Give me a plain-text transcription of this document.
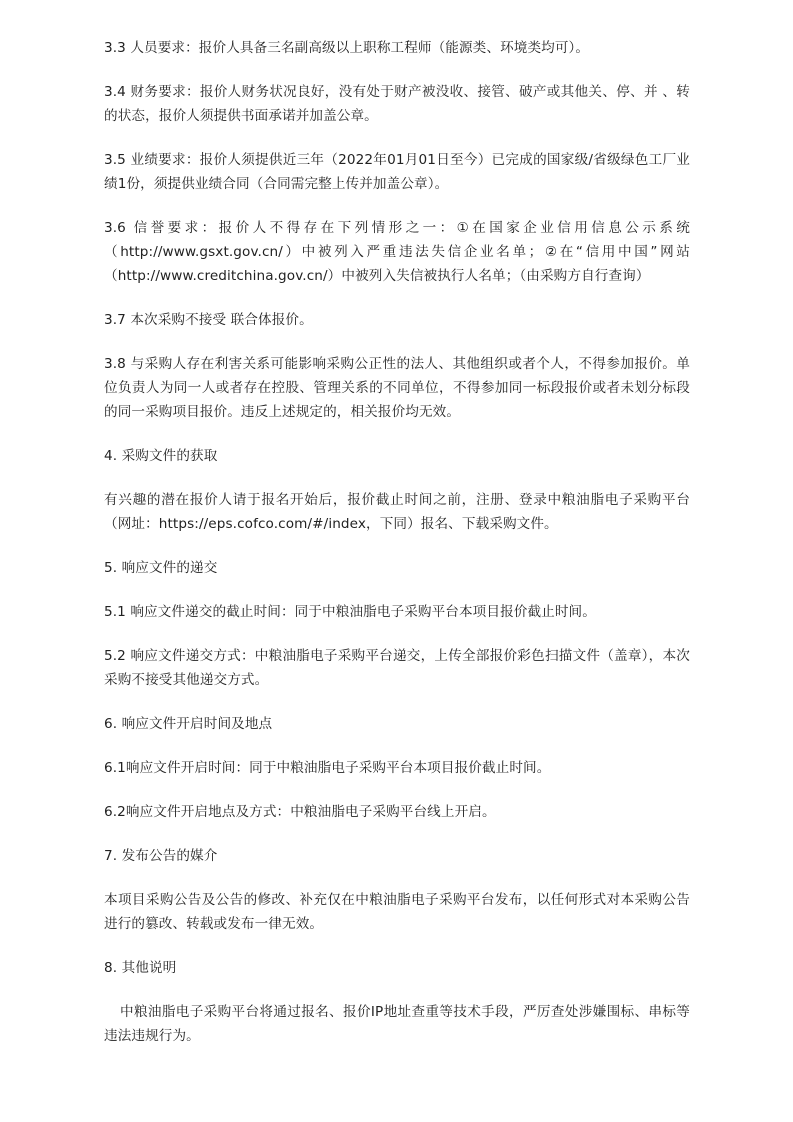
3.3 人员要求：报价人具备三名副高级以上职称工程师（能源类、环境类均可）。

3.4 财务要求：报价人财务状况良好，没有处于财产被没收、接管、破产或其他关、停、并 、转的状态，报价人须提供书面承诺并加盖公章。

3.5 业绩要求：报价人须提供近三年（2022年01月01日至今）已完成的国家级/省级绿色工厂业绩1份，须提供业绩合同（合同需完整上传并加盖公章）。

3.6 信誉要求：报价人不得存在下列情形之一：①在国家企业信用信息公示系统（http://www.gsxt.gov.cn/）中被列入严重违法失信企业名单；②在“信用中国”网站（http://www.creditchina.gov.cn/）中被列入失信被执行人名单；（由采购方自行查询）

3.7 本次采购不接受 联合体报价。

3.8 与采购人存在利害关系可能影响采购公正性的法人、其他组织或者个人，不得参加报价。单位负责人为同一人或者存在控股、管理关系的不同单位，不得参加同一标段报价或者未划分标段的同一采购项目报价。违反上述规定的，相关报价均无效。

4. 采购文件的获取

有兴趣的潜在报价人请于报名开始后，报价截止时间之前，注册、登录中粮油脂电子采购平台（网址：https://eps.cofco.com/#/index，下同）报名、下载采购文件。

5. 响应文件的递交

5.1 响应文件递交的截止时间：同于中粮油脂电子采购平台本项目报价截止时间。

5.2 响应文件递交方式：中粮油脂电子采购平台递交，上传全部报价彩色扫描文件（盖章），本次采购不接受其他递交方式。

6. 响应文件开启时间及地点

6.1响应文件开启时间：同于中粮油脂电子采购平台本项目报价截止时间。

6.2响应文件开启地点及方式：中粮油脂电子采购平台线上开启。

7. 发布公告的媒介

本项目采购公告及公告的修改、补充仅在中粮油脂电子采购平台发布，以任何形式对本采购公告进行的篡改、转载或发布一律无效。

8. 其他说明

中粮油脂电子采购平台将通过报名、报价IP地址查重等技术手段，严厉查处涉嫌围标、串标等违法违规行为。
